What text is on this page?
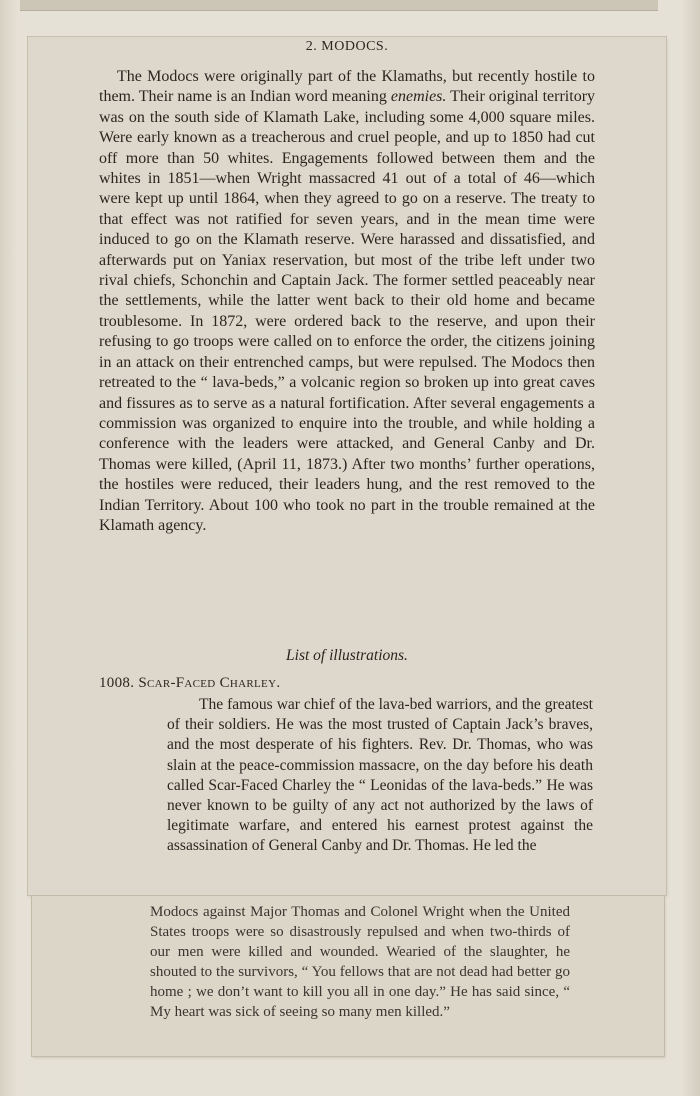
2. MODOCS.

The Modocs were originally part of the Klamaths, but recently hostile to them. Their name is an Indian word meaning enemies. Their original territory was on the south side of Klamath Lake, including some 4,000 square miles. Were early known as a treacherous and cruel people, and up to 1850 had cut off more than 50 whites. Engagements followed between them and the whites in 1851—when Wright massacred 41 out of a total of 46—which were kept up until 1864, when they agreed to go on a reserve. The treaty to that effect was not ratified for seven years, and in the mean time were induced to go on the Klamath reserve. Were harassed and dissatisfied, and afterwards put on Yaniax reservation, but most of the tribe left under two rival chiefs, Schonchin and Captain Jack. The former settled peaceably near the settlements, while the latter went back to their old home and became troublesome. In 1872, were ordered back to the reserve, and upon their refusing to go troops were called on to enforce the order, the citizens joining in an attack on their entrenched camps, but were repulsed. The Modocs then retreated to the “ lava-beds,” a volcanic region so broken up into great caves and fissures as to serve as a natural fortification. After several engagements a commission was organized to enquire into the trouble, and while holding a conference with the leaders were attacked, and General Canby and Dr. Thomas were killed, (April 11, 1873.) After two months’ further operations, the hostiles were reduced, their leaders hung, and the rest removed to the Indian Territory. About 100 who took no part in the trouble remained at the Klamath agency.

List of illustrations.
1008. Scar-Faced Charley.

The famous war chief of the lava-bed warriors, and the greatest of their soldiers. He was the most trusted of Captain Jack’s braves, and the most desperate of his fighters. Rev. Dr. Thomas, who was slain at the peace-commission massacre, on the day before his death called Scar-Faced Charley the “ Leonidas of the lava-beds.” He was never known to be guilty of any act not authorized by the laws of legitimate warfare, and entered his earnest protest against the assassination of General Canby and Dr. Thomas. He led the

Modocs against Major Thomas and Colonel Wright when the United States troops were so disastrously repulsed and when two-thirds of our men were killed and wounded. Wearied of the slaughter, he shouted to the survivors, “ You fellows that are not dead had better go home ; we don’t want to kill you all in one day.” He has said since, “ My heart was sick of seeing so many men killed.”
